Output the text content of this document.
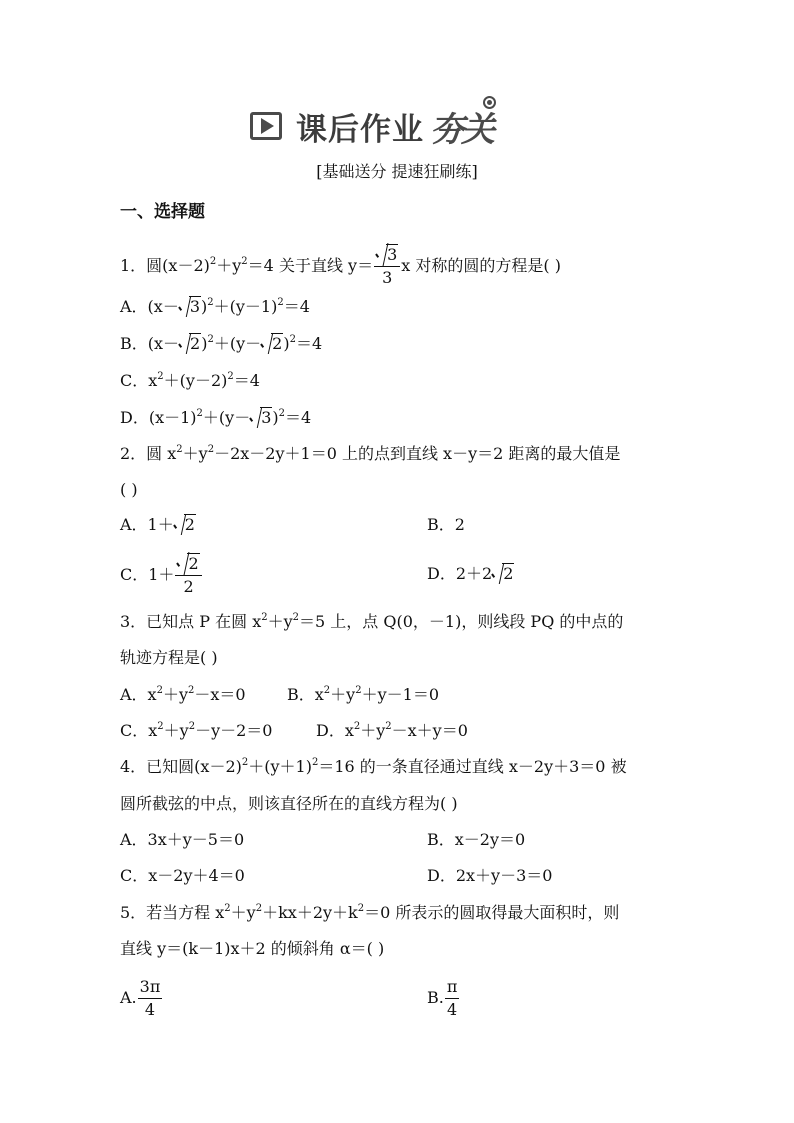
课后作业 夯关
[基础送分 提速狂刷练]
一、选择题
1．圆$(x-2)^2+y^2=4$ 关于直线 $y= \frac{3}{3}$ x 对称的圆的方程是( )
A．$(x- 3)^2+(y-1)^2=4$
B．$(x- 2)^2+(y- 2)^2=4$
C．$x^2+(y-2)^2=4$
D．$(x-1)^2+(y- 3)^2=4$
2．圆 $x^2+y^2-2x-2y+1=0$ 上的点到直线 x－y＝2 距离的最大值是
( )
A．1＋ 2	B．2
C．$1+ \frac{2}{2}$	D．2＋2 2
3．已知点 P 在圆 $x^2+y^2=5$ 上，点 Q(0，－1)，则线段 PQ 的中点的
轨迹方程是( )
A．$x^2+y^2-x=0$	B．$x^2+y^2+y-1=0$
C．$x^2+y^2-y-2=0$	D．$x^2+y^2-x+y=0$
4．已知圆$(x-2)^2+(y+1)^2=16$ 的一条直径通过直线 x－2y＋3＝0 被
圆所截弦的中点，则该直径所在的直线方程为( )
A．3x＋y－5＝0	B．x－2y＝0
C．x－2y＋4＝0	D．2x＋y－3＝0
5．若当方程 $x^2+y^2+kx+2y+k^2=0$ 所表示的圆取得最大面积时，则
直线 y＝(k－1)x＋2 的倾斜角 α＝( )
A. $\frac{3\pi}{4}$	B. $\frac{\pi}{4}$
